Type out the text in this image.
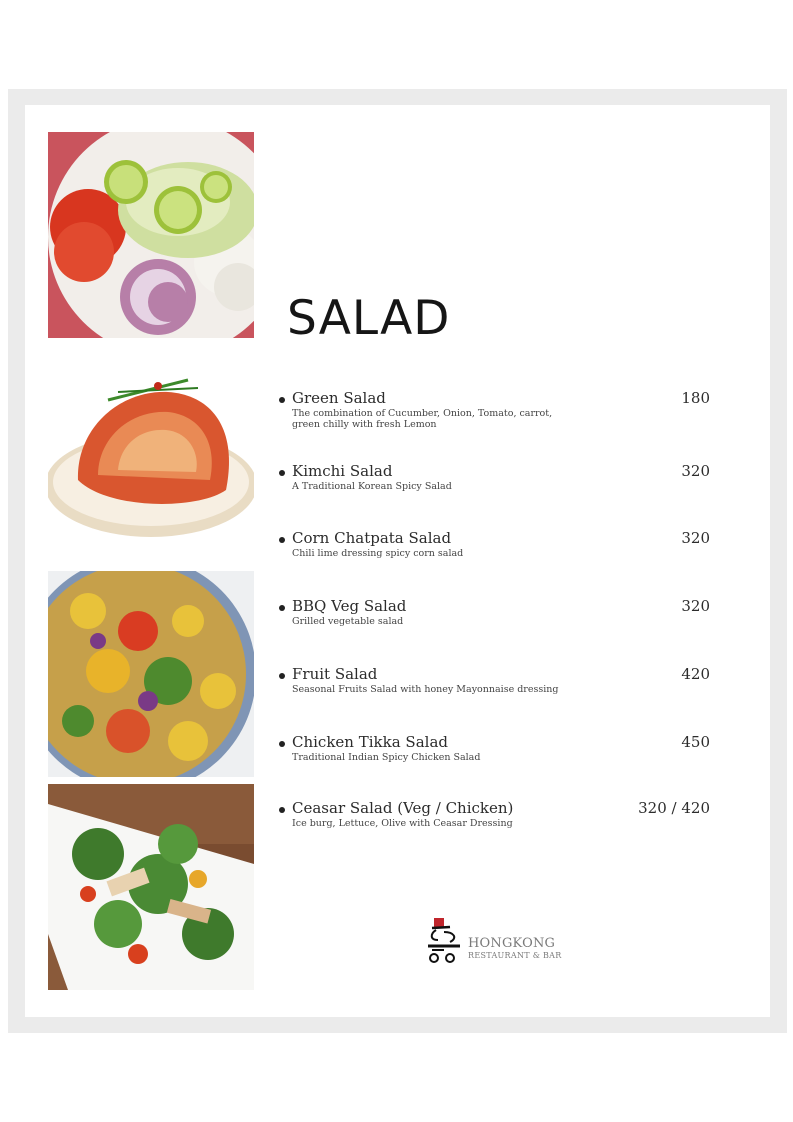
SALAD
Green Salad	180
The combination of Cucumber, Onion, Tomato, carrot, green chilly with fresh Lemon
Kimchi Salad	320
A Traditional Korean Spicy Salad
Corn Chatpata Salad	320
Chili lime dressing spicy corn salad
BBQ Veg Salad	320
Grilled vegetable salad
Fruit Salad	420
Seasonal Fruits Salad with honey Mayonnaise dressing
Chicken Tikka Salad	450
Traditional Indian Spicy Chicken Salad
Ceasar Salad (Veg / Chicken)	320 / 420
Ice burg, Lettuce, Olive with Ceasar Dressing
HONGKONG
RESTAURANT & BAR
